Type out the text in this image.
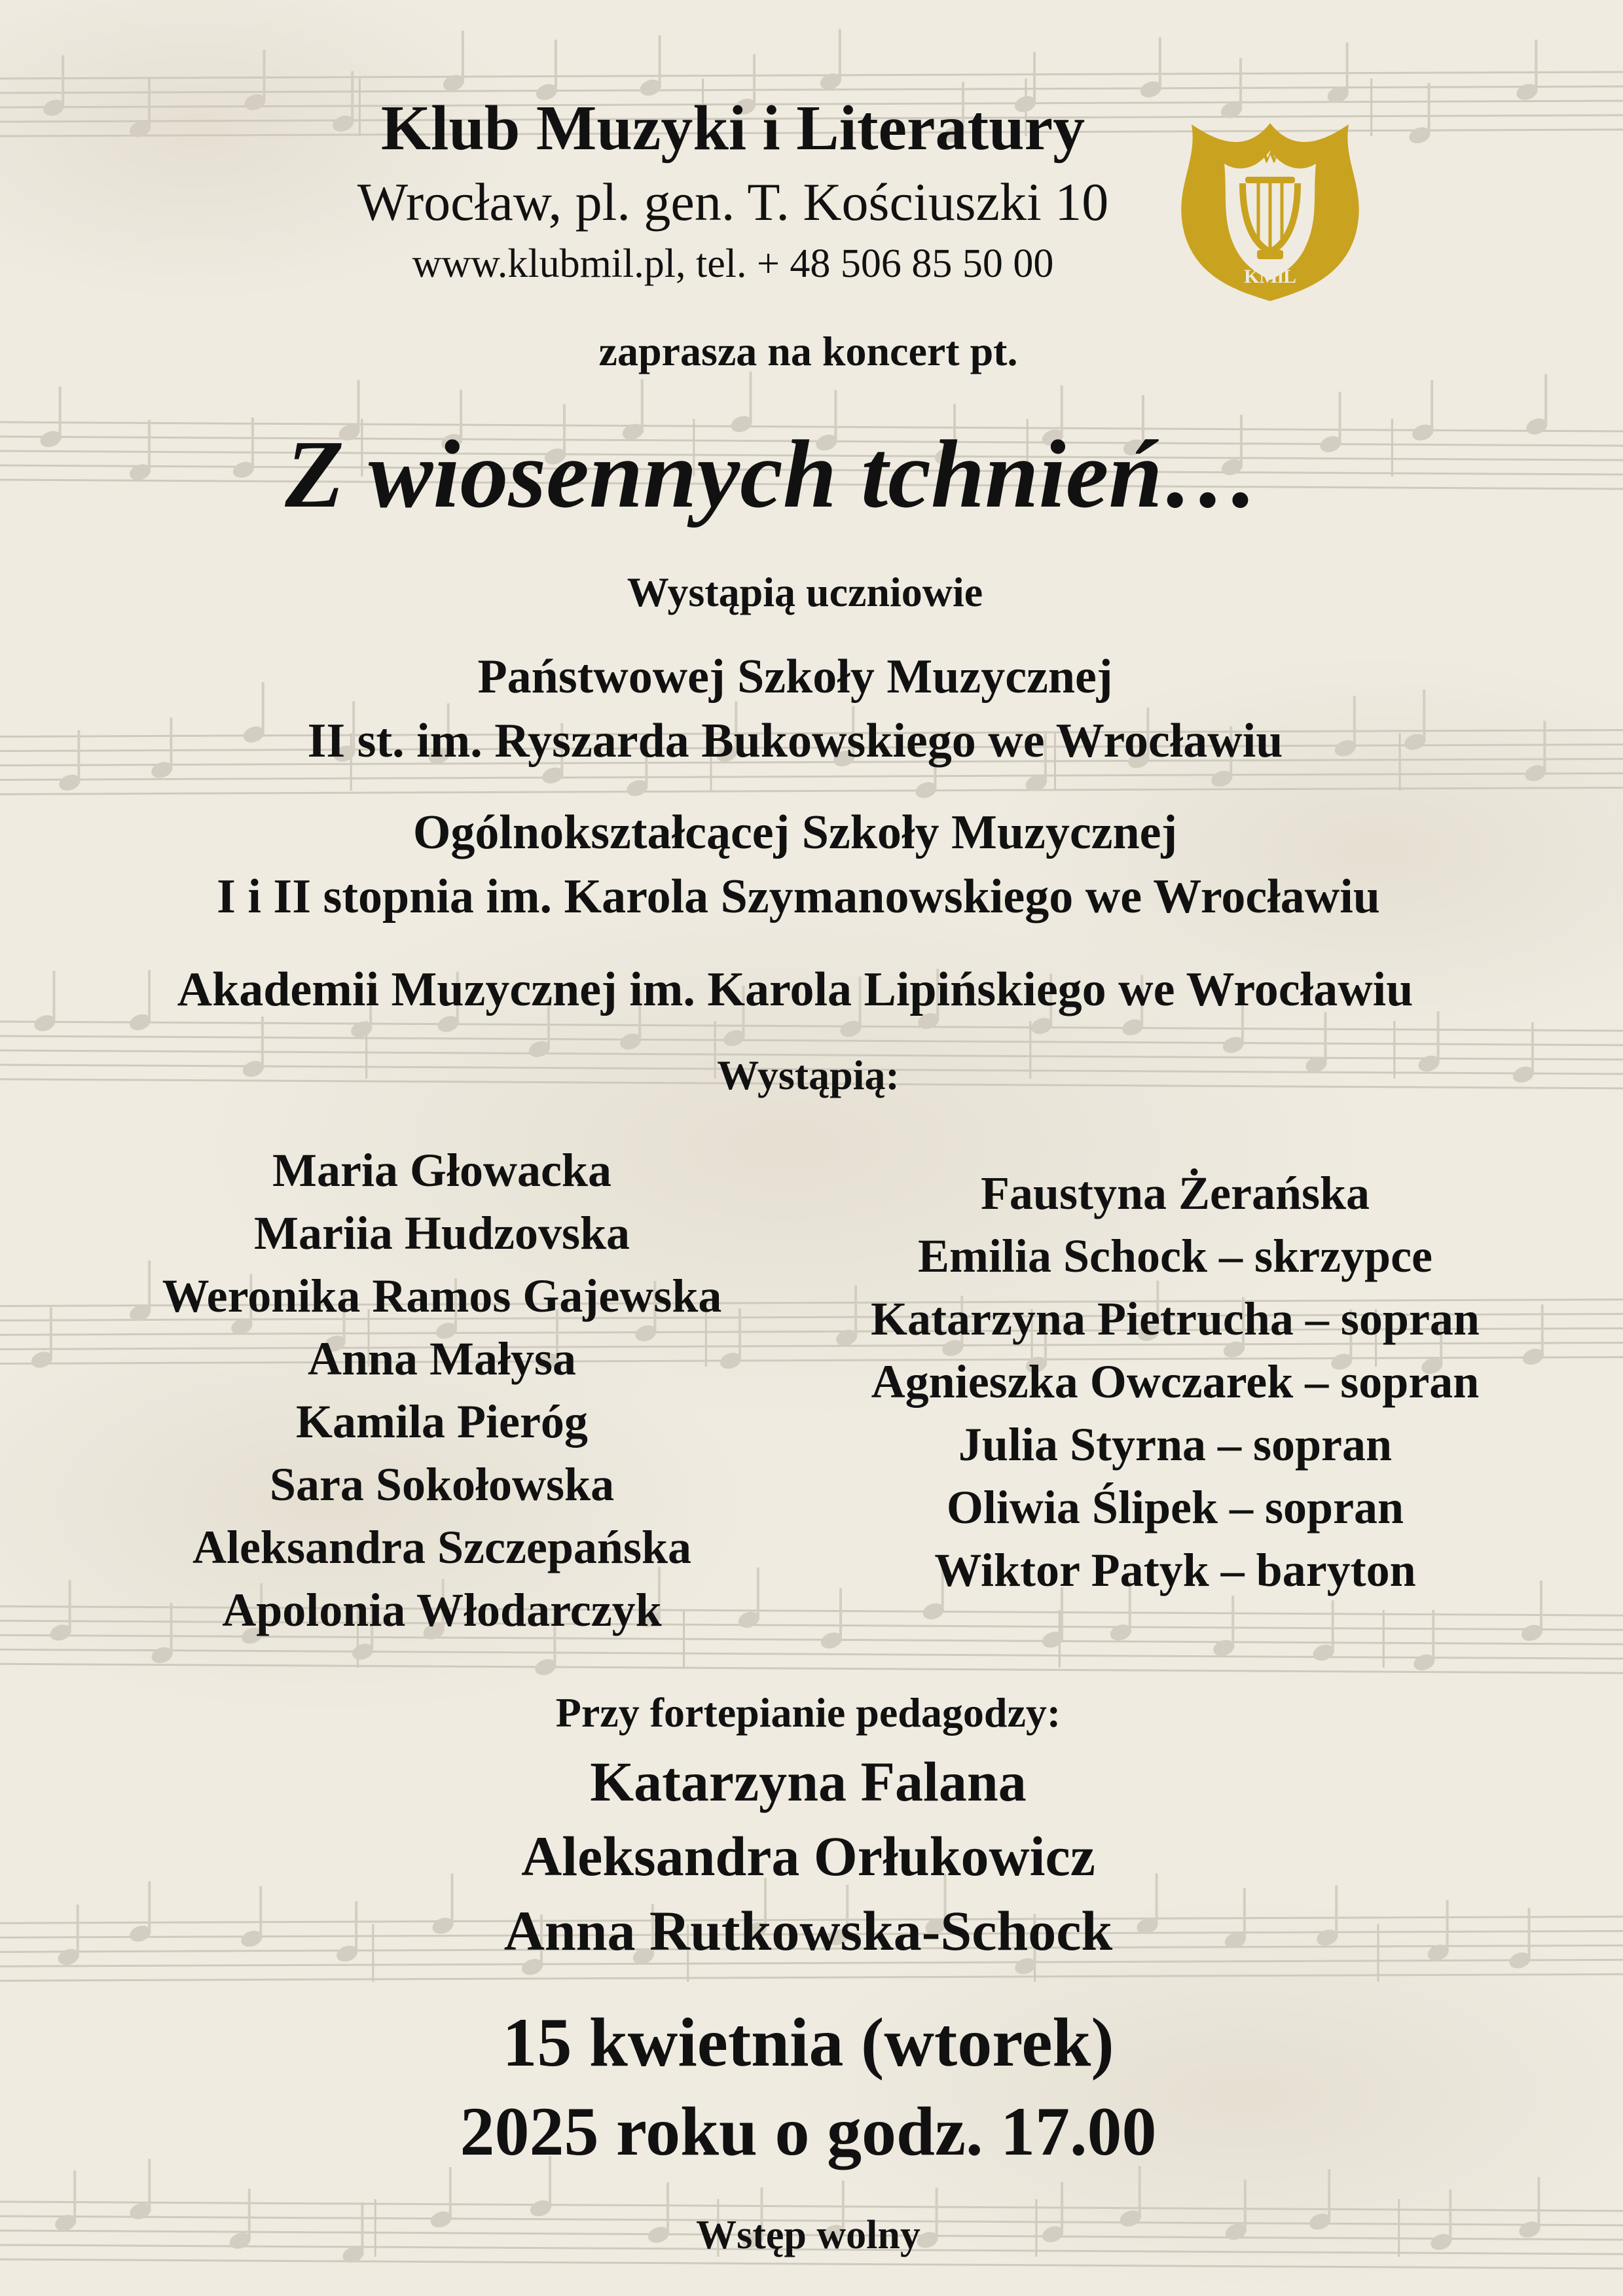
Klub Muzyki i Literatury
Wrocław, pl. gen. T. Kościuszki 10
www.klubmil.pl, tel. + 48 506 85 50 00
W
KMiL
zaprasza na koncert pt.
Z wiosennych tchnień…
Wystąpią uczniowie
Państwowej Szkoły Muzycznej
II st. im. Ryszarda Bukowskiego we Wrocławiu
Ogólnokształcącej Szkoły Muzycznej
I i II stopnia im. Karola Szymanowskiego we Wrocławiu
Akademii Muzycznej im. Karola Lipińskiego we Wrocławiu
Wystąpią:
Maria Głowacka
Mariia Hudzovska
Weronika Ramos Gajewska
Anna Małysa
Kamila Pieróg
Sara Sokołowska
Aleksandra Szczepańska
Apolonia Włodarczyk
Faustyna Żerańska
Emilia Schock – skrzypce
Katarzyna Pietrucha – sopran
Agnieszka Owczarek – sopran
Julia Styrna – sopran
Oliwia Ślipek – sopran
Wiktor Patyk – baryton
Przy fortepianie pedagodzy:
Katarzyna Falana
Aleksandra Orłukowicz
Anna Rutkowska-Schock
15 kwietnia (wtorek)
2025 roku o godz. 17.00
Wstęp wolny
